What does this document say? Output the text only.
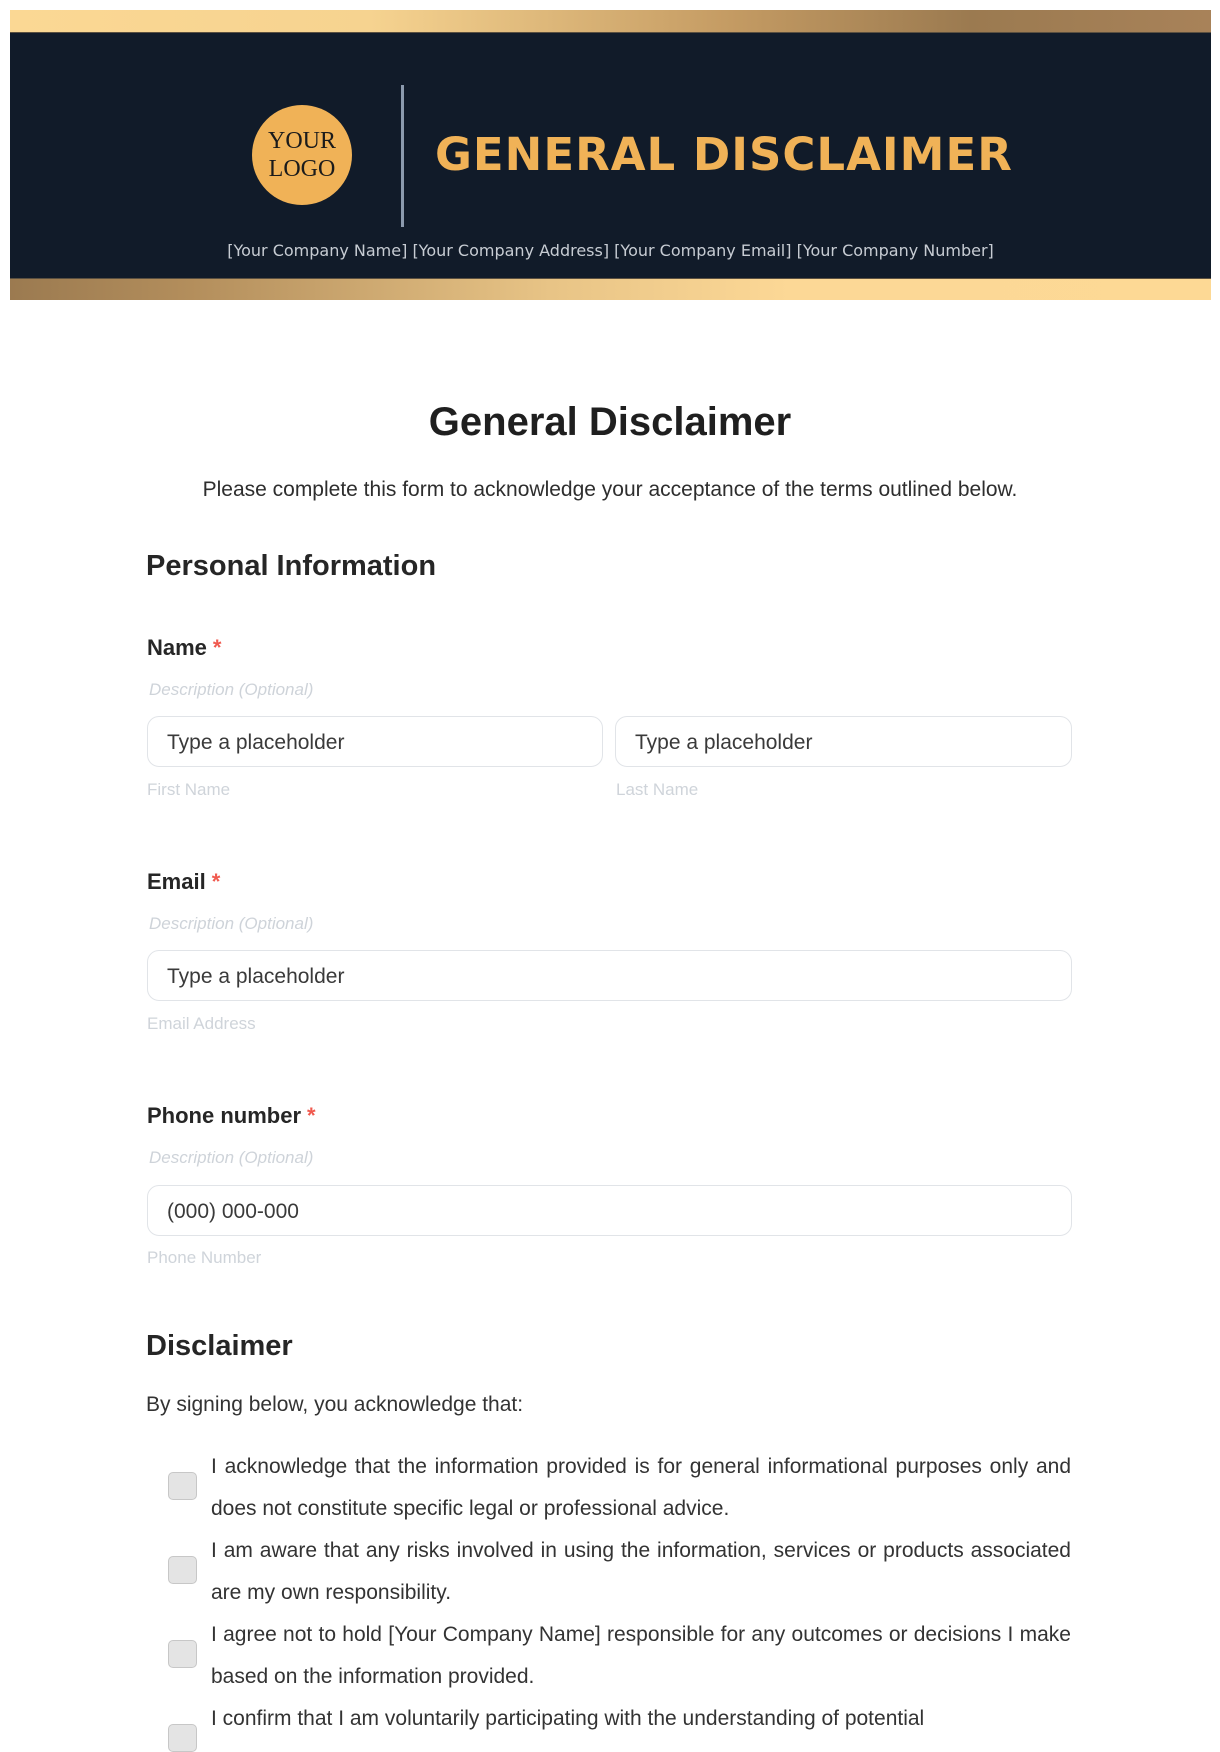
YOUR
LOGO GENERAL DISCLAIMER
[Your Company Name] [Your Company Address] [Your Company Email] [Your Company Number]
General Disclaimer
Please complete this form to acknowledge your acceptance of the terms outlined below.
Personal Information
Name *
Description (Optional)
Type a placeholder	Type a placeholder
First Name	Last Name
Email *
Description (Optional)
Type a placeholder
Email Address
Phone number *
Description (Optional)
(000) 000-000
Phone Number
Disclaimer
By signing below, you acknowledge that:
I acknowledge that the information provided is for general informational purposes only and does not constitute specific legal or professional advice.
I am aware that any risks involved in using the information, services or products associated are my own responsibility.
I agree not to hold [Your Company Name] responsible for any outcomes or decisions I make based on the information provided.
I confirm that I am voluntarily participating with the understanding of potential
